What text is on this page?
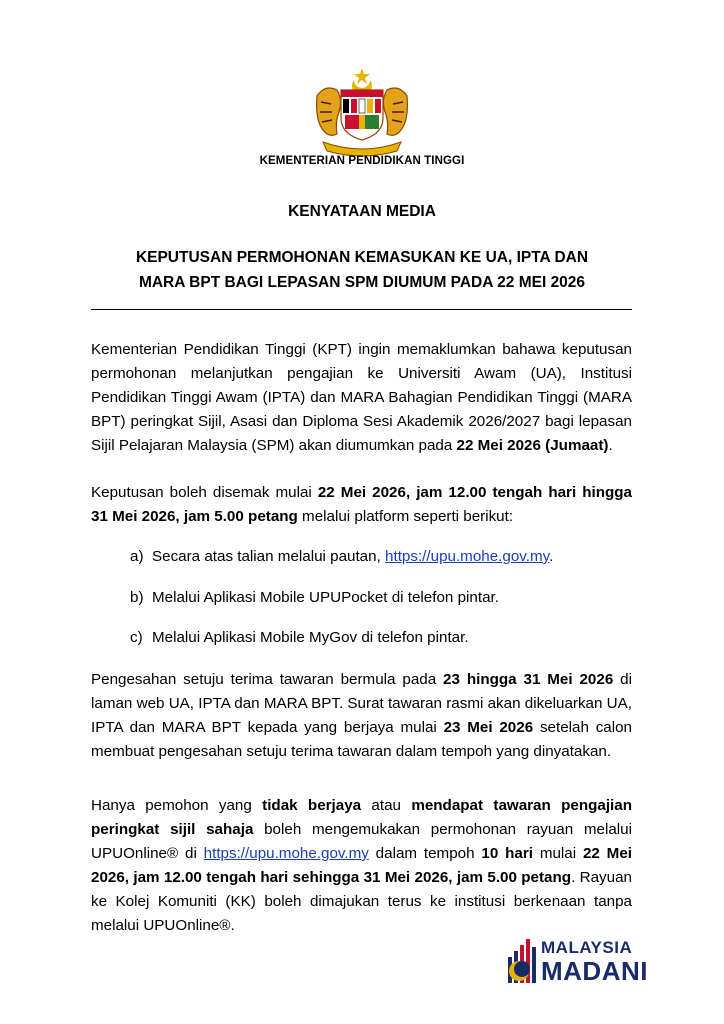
KEMENTERIAN PENDIDIKAN TINGGI
KENYATAAN MEDIA
KEPUTUSAN PERMOHONAN KEMASUKAN KE UA, IPTA DAN
MARA BPT BAGI LEPASAN SPM DIUMUM PADA 22 MEI 2026
Kementerian Pendidikan Tinggi (KPT) ingin memaklumkan bahawa keputusan permohonan melanjutkan pengajian ke Universiti Awam (UA), Institusi Pendidikan Tinggi Awam (IPTA) dan MARA Bahagian Pendidikan Tinggi (MARA BPT) peringkat Sijil, Asasi dan Diploma Sesi Akademik 2026/2027 bagi lepasan Sijil Pelajaran Malaysia (SPM) akan diumumkan pada 22 Mei 2026 (Jumaat).
Keputusan boleh disemak mulai 22 Mei 2026, jam 12.00 tengah hari hingga 31 Mei 2026, jam 5.00 petang melalui platform seperti berikut:
a) Secara atas talian melalui pautan, https://upu.mohe.gov.my.
b) Melalui Aplikasi Mobile UPUPocket di telefon pintar.
c) Melalui Aplikasi Mobile MyGov di telefon pintar.
Pengesahan setuju terima tawaran bermula pada 23 hingga 31 Mei 2026 di laman web UA, IPTA dan MARA BPT. Surat tawaran rasmi akan dikeluarkan UA, IPTA dan MARA BPT kepada yang berjaya mulai 23 Mei 2026 setelah calon membuat pengesahan setuju terima tawaran dalam tempoh yang dinyatakan.
Hanya pemohon yang tidak berjaya atau mendapat tawaran pengajian peringkat sijil sahaja boleh mengemukakan permohonan rayuan melalui UPUOnline® di https://upu.mohe.gov.my dalam tempoh 10 hari mulai 22 Mei 2026, jam 12.00 tengah hari sehingga 31 Mei 2026, jam 5.00 petang. Rayuan ke Kolej Komuniti (KK) boleh dimajukan terus ke institusi berkenaan tanpa melalui UPUOnline®.
MALAYSIA
MADANI
